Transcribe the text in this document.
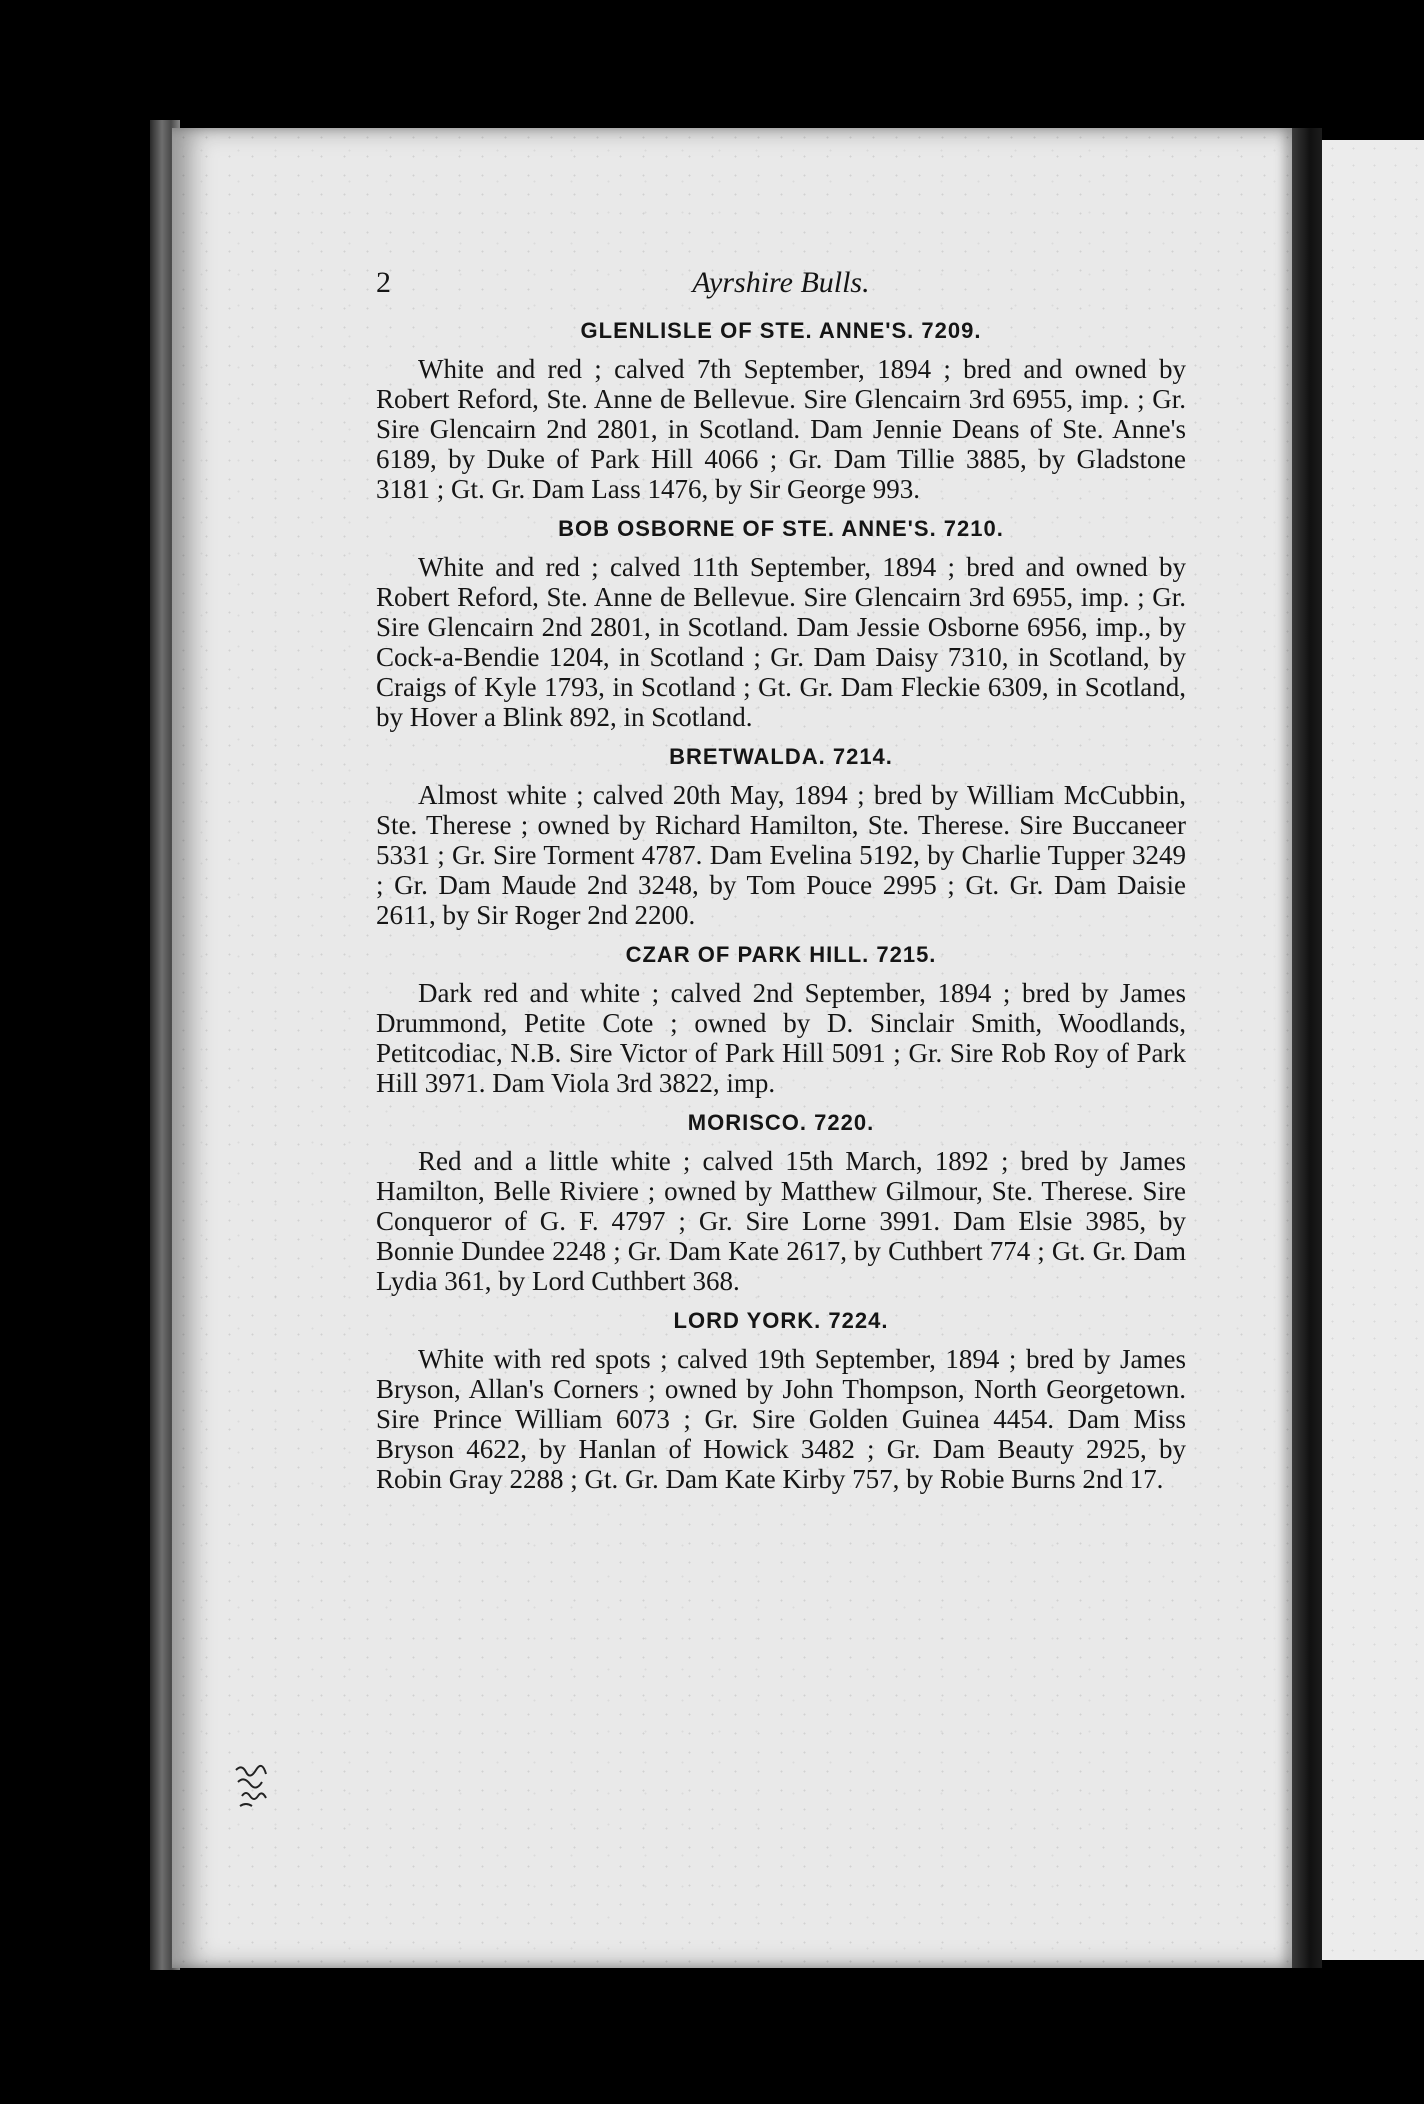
2	Ayrshire Bulls.
GLENLISLE OF STE. ANNE'S. 7209.

White and red ; calved 7th September, 1894 ; bred and owned by Robert Reford, Ste. Anne de Bellevue. Sire Glencairn 3rd 6955, imp. ; Gr. Sire Glencairn 2nd 2801, in Scotland. Dam Jennie Deans of Ste. Anne's 6189, by Duke of Park Hill 4066 ; Gr. Dam Tillie 3885, by Gladstone 3181 ; Gt. Gr. Dam Lass 1476, by Sir George 993.

BOB OSBORNE OF STE. ANNE'S. 7210.

White and red ; calved 11th September, 1894 ; bred and owned by Robert Reford, Ste. Anne de Bellevue. Sire Glencairn 3rd 6955, imp. ; Gr. Sire Glencairn 2nd 2801, in Scotland. Dam Jessie Osborne 6956, imp., by Cock-a-Bendie 1204, in Scotland ; Gr. Dam Daisy 7310, in Scotland, by Craigs of Kyle 1793, in Scotland ; Gt. Gr. Dam Fleckie 6309, in Scotland, by Hover a Blink 892, in Scotland.

BRETWALDA. 7214.

Almost white ; calved 20th May, 1894 ; bred by William McCubbin, Ste. Therese ; owned by Richard Hamilton, Ste. Therese. Sire Buccaneer 5331 ; Gr. Sire Torment 4787. Dam Evelina 5192, by Charlie Tupper 3249 ; Gr. Dam Maude 2nd 3248, by Tom Pouce 2995 ; Gt. Gr. Dam Daisie 2611, by Sir Roger 2nd 2200.

CZAR OF PARK HILL. 7215.

Dark red and white ; calved 2nd September, 1894 ; bred by James Drummond, Petite Cote ; owned by D. Sinclair Smith, Woodlands, Petitcodiac, N.B. Sire Victor of Park Hill 5091 ; Gr. Sire Rob Roy of Park Hill 3971. Dam Viola 3rd 3822, imp.

MORISCO. 7220.

Red and a little white ; calved 15th March, 1892 ; bred by James Hamilton, Belle Riviere ; owned by Matthew Gilmour, Ste. Therese. Sire Conqueror of G. F. 4797 ; Gr. Sire Lorne 3991. Dam Elsie 3985, by Bonnie Dundee 2248 ; Gr. Dam Kate 2617, by Cuthbert 774 ; Gt. Gr. Dam Lydia 361, by Lord Cuthbert 368.

LORD YORK. 7224.

White with red spots ; calved 19th September, 1894 ; bred by James Bryson, Allan's Corners ; owned by John Thompson, North Georgetown. Sire Prince William 6073 ; Gr. Sire Golden Guinea 4454. Dam Miss Bryson 4622, by Hanlan of Howick 3482 ; Gr. Dam Beauty 2925, by Robin Gray 2288 ; Gt. Gr. Dam Kate Kirby 757, by Robie Burns 2nd 17.
